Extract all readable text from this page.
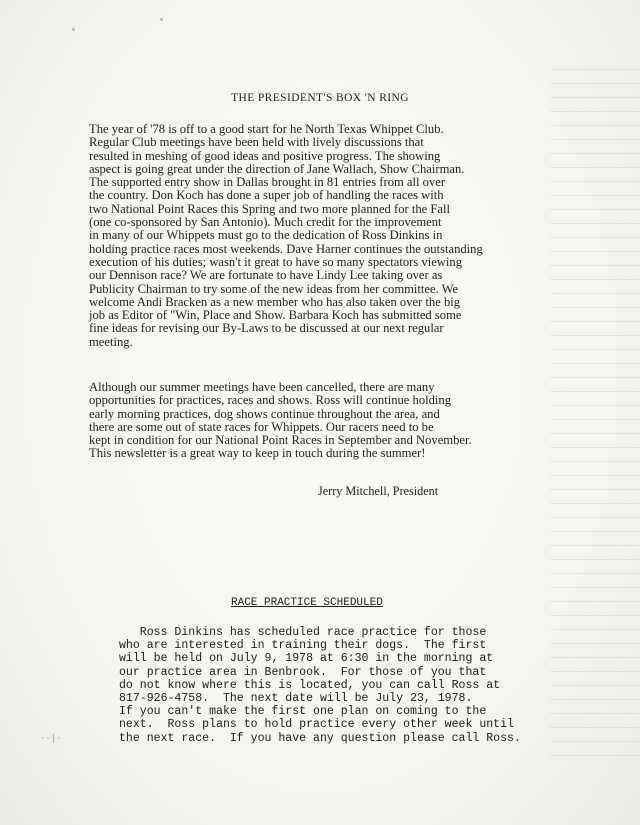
THE PRESIDENT'S BOX 'N RING
The year of '78 is off to a good start for he North Texas Whippet Club.
Regular Club meetings have been held with lively discussions that
resulted in meshing of good ideas and positive progress. The showing
aspect is going great under the direction of Jane Wallach, Show Chairman.
The supported entry show in Dallas brought in 81 entries from all over
the country. Don Koch has done a super job of handling the races with
two National Point Races this Spring and two more planned for the Fall
(one co-sponsored by San Antonio). Much credit for the improvement
in many of our Whippets must go to the dedication of Ross Dinkins in
holding practice races most weekends. Dave Harner continues the outstanding
execution of his duties; wasn't it great to have so many spectators viewing
our Dennison race? We are fortunate to have Lindy Lee taking over as
Publicity Chairman to try some of the new ideas from her committee. We
welcome Andi Bracken as a new member who has also taken over the big
job as Editor of "Win, Place and Show. Barbara Koch has submitted some
fine ideas for revising our By-Laws to be discussed at our next regular
meeting.
Although our summer meetings have been cancelled, there are many
opportunities for practices, races and shows. Ross will continue holding
early morning practices, dog shows continue throughout the area, and
there are some out of state races for Whippets. Our racers need to be
kept in condition for our National Point Races in September and November.
This newsletter is a great way to keep in touch during the summer!
Jerry Mitchell, President
RACE PRACTICE SCHEDULED
Ross Dinkins has scheduled race practice for those
who are interested in training their dogs.  The first
will be held on July 9, 1978 at 6:30 in the morning at
our practice area in Benbrook.  For those of you that
do not know where this is located, you can call Ross at
817-926-4758.  The next date will be July 23, 1978.
If you can't make the first one plan on coming to the
next.  Ross plans to hold practice every other week until
the next race.  If you have any question please call Ross.
··|·
